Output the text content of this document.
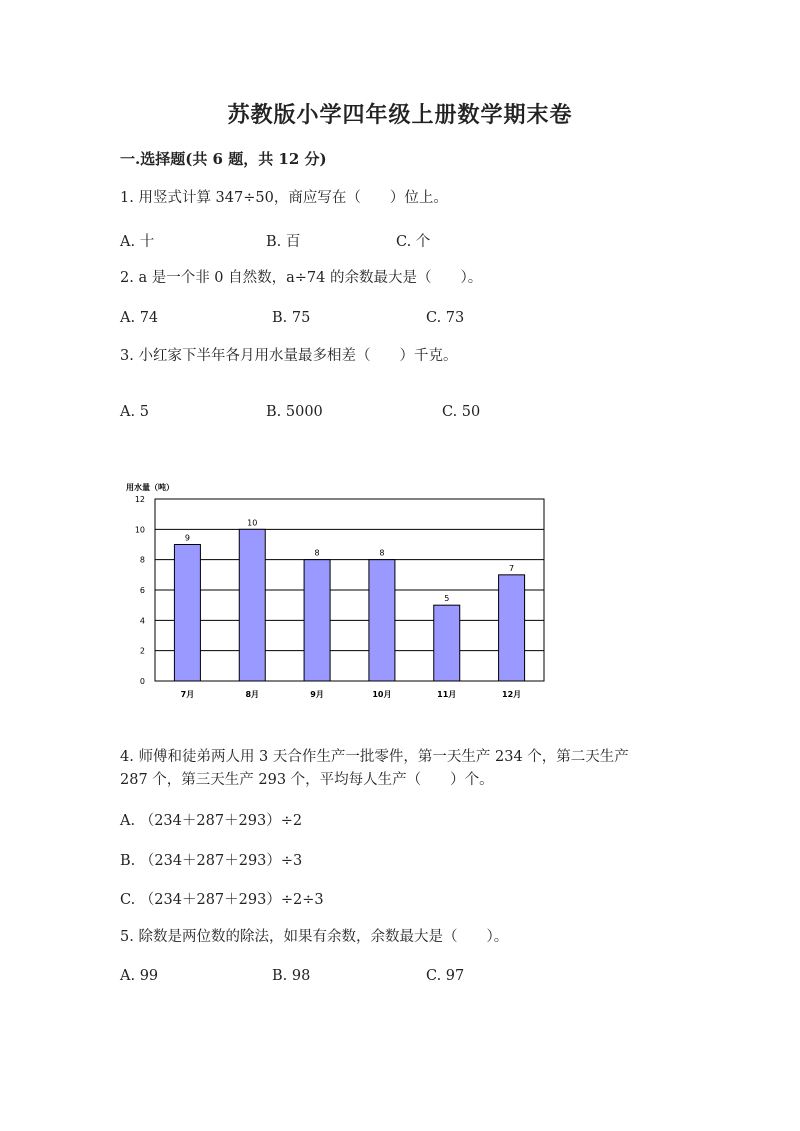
苏教版小学四年级上册数学期末卷
一.选择题(共 6 题，共 12 分)
1. 用竖式计算 347÷50，商应写在（　　）位上。
A. 十	B. 百	C. 个
2. a 是一个非 0 自然数，a÷74 的余数最大是（　　）。
A. 74	B. 75	C. 73
3. 小红家下半年各月用水量最多相差（　　）千克。
A. 5	B. 5000	C. 50
用水量（吨）
0
2
4
6
8
10
12
9
7月
10
8月
8
9月
8
10月
5
11月
7
12月
4. 师傅和徒弟两人用 3 天合作生产一批零件，第一天生产 234 个，第二天生产
287 个，第三天生产 293 个，平均每人生产（　　）个。
A. （234＋287＋293）÷2
B. （234＋287＋293）÷3
C. （234＋287＋293）÷2÷3
5. 除数是两位数的除法，如果有余数，余数最大是（　　）。
A. 99	B. 98	C. 97
